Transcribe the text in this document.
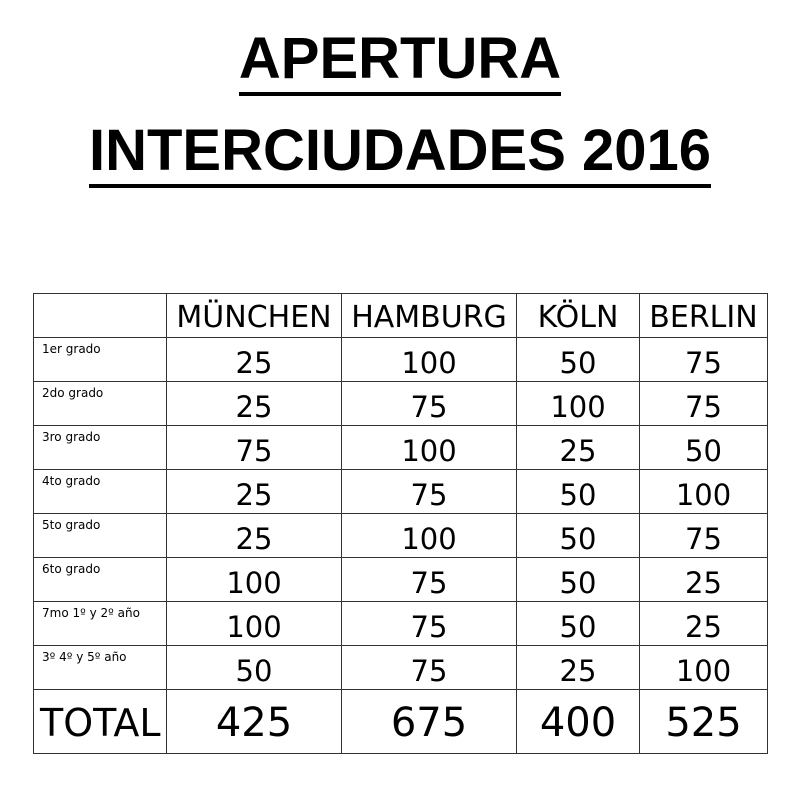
APERTURA
INTERCIUDADES 2016
	MÜNCHEN	HAMBURG	KÖLN	BERLIN
1er grado	25	100	50	75
2do grado	25	75	100	75
3ro grado	75	100	25	50
4to grado	25	75	50	100
5to grado	25	100	50	75
6to grado	100	75	50	25
7mo 1º y 2º año	100	75	50	25
3º 4º y 5º año	50	75	25	100
TOTAL	425	675	400	525
